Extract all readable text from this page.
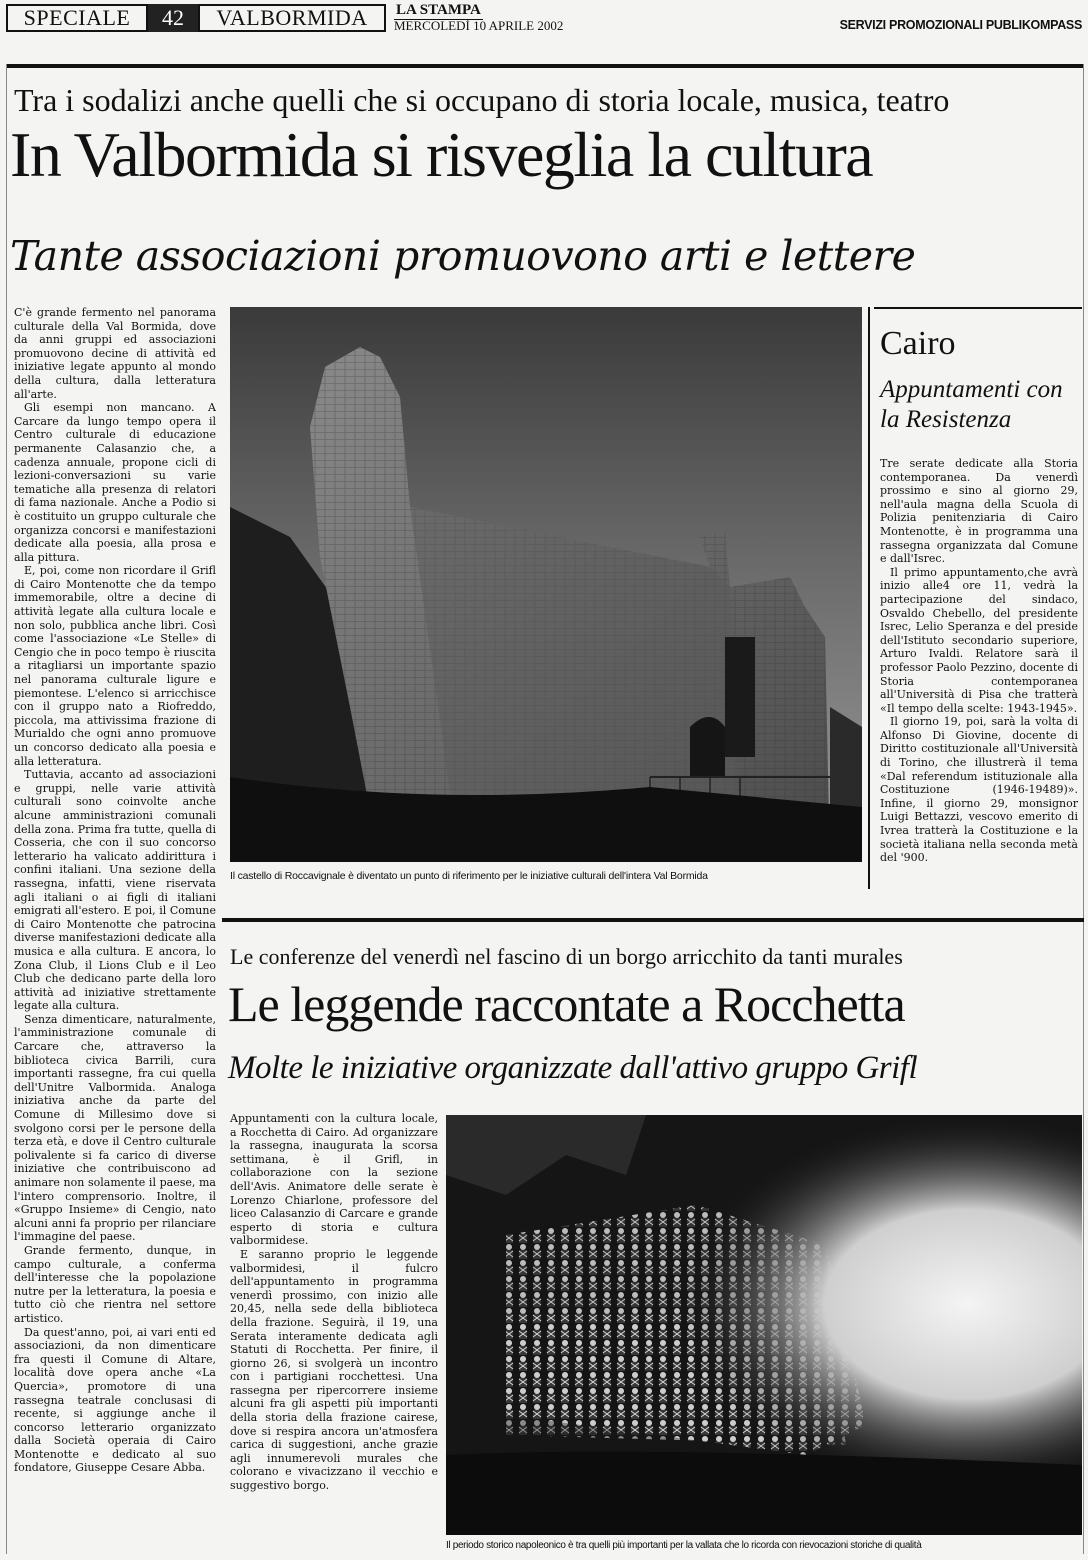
SPECIALE	42	VALBORMIDA	LA STAMPA
MERCOLEDÌ 10 APRILE 2002	SERVIZI PROMOZIONALI PUBLIKOMPASS
Tra i sodalizi anche quelli che si occupano di storia locale, musica, teatro
In Valbormida si risveglia la cultura
Tante associazioni promuovono arti e lettere

C'è grande fermento nel panorama culturale della Val Bormida, dove da anni gruppi ed associazioni promuovono decine di attività ed iniziative legate appunto al mondo della cultura, dalla letteratura all'arte.

Gli esempi non mancano. A Carcare da lungo tempo opera il Centro culturale di educazione permanente Calasanzio che, a cadenza annuale, propone cicli di lezioni-conversazioni su varie tematiche alla presenza di relatori di fama nazionale. Anche a Podio si è costituito un gruppo culturale che organizza concorsi e manifestazioni dedicate alla poesia, alla prosa e alla pittura.

E, poi, come non ricordare il Grifl di Cairo Montenotte che da tempo immemorabile, oltre a decine di attività legate alla cultura locale e non solo, pubblica anche libri. Così come l'associazione «Le Stelle» di Cengio che in poco tempo è riuscita a ritagliarsi un importante spazio nel panorama culturale ligure e piemontese. L'elenco si arricchisce con il gruppo nato a Riofreddo, piccola, ma attivissima frazione di Murialdo che ogni anno promuove un concorso dedicato alla poesia e alla letteratura.

Tuttavia, accanto ad associazioni e gruppi, nelle varie attività culturali sono coinvolte anche alcune amministrazioni comunali della zona. Prima fra tutte, quella di Cosseria, che con il suo concorso letterario ha valicato addirittura i confini italiani. Una sezione della rassegna, infatti, viene riservata agli italiani o ai figli di italiani emigrati all'estero. E poi, il Comune di Cairo Montenotte che patrocina diverse manifestazioni dedicate alla musica e alla cultura. E ancora, lo Zona Club, il Lions Club e il Leo Club che dedicano parte della loro attività ad iniziative strettamente legate alla cultura.

Senza dimenticare, naturalmente, l'amministrazione comunale di Carcare che, attraverso la biblioteca civica Barrili, cura importanti rassegne, fra cui quella dell'Unitre Valbormida. Analoga iniziativa anche da parte del Comune di Millesimo dove si svolgono corsi per le persone della terza età, e dove il Centro culturale polivalente si fa carico di diverse iniziative che contribuiscono ad animare non solamente il paese, ma l'intero comprensorio. Inoltre, il «Gruppo Insieme» di Cengio, nato alcuni anni fa proprio per rilanciare l'immagine del paese.

Grande fermento, dunque, in campo culturale, a conferma dell'interesse che la popolazione nutre per la letteratura, la poesia e tutto ciò che rientra nel settore artistico.

Da quest'anno, poi, ai vari enti ed associazioni, da non dimenticare fra questi il Comune di Altare, località dove opera anche «La Quercia», promotore di una rassegna teatrale conclusasi di recente, si aggiunge anche il concorso letterario organizzato dalla Società operaia di Cairo Montenotte e dedicato al suo fondatore, Giuseppe Cesare Abba.

Il castello di Roccavignale è diventato un punto di riferimento per le iniziative culturali dell'intera Val Bormida
Cairo
Appuntamenti con la Resistenza

Tre serate dedicate alla Storia contemporanea. Da venerdì prossimo e sino al giorno 29, nell'aula magna della Scuola di Polizia penitenziaria di Cairo Montenotte, è in programma una rassegna organizzata dal Comune e dall'Isrec.

Il primo appuntamento,che avrà inizio alle4 ore 11, vedrà la partecipazione del sindaco, Osvaldo Chebello, del presidente Isrec, Lelio Speranza e del preside dell'Istituto secondario superiore, Arturo Ivaldi. Relatore sarà il professor Paolo Pezzino, docente di Storia contemporanea all'Università di Pisa che tratterà «Il tempo della scelte: 1943-1945».

Il giorno 19, poi, sarà la volta di Alfonso Di Giovine, docente di Diritto costituzionale all'Università di Torino, che illustrerà il tema «Dal referendum istituzionale alla Costituzione (1946-19489)». Infine, il giorno 29, monsignor Luigi Bettazzi, vescovo emerito di Ivrea tratterà la Costituzione e la società italiana nella seconda metà del '900.

Le conferenze del venerdì nel fascino di un borgo arricchito da tanti murales
Le leggende raccontate a Rocchetta
Molte le iniziative organizzate dall'attivo gruppo Grifl

Appuntamenti con la cultura locale, a Rocchetta di Cairo. Ad organizzare la rassegna, inaugurata la scorsa settimana, è il Grifl, in collaborazione con la sezione dell'Avis. Animatore delle serate è Lorenzo Chiarlone, professore del liceo Calasanzio di Carcare e grande esperto di storia e cultura valbormidese.

E saranno proprio le leggende valbormidesi, il fulcro dell'appuntamento in programma venerdì prossimo, con inizio alle 20,45, nella sede della biblioteca della frazione. Seguirà, il 19, una Serata interamente dedicata agli Statuti di Rocchetta. Per finire, il giorno 26, si svolgerà un incontro con i partigiani rocchettesi. Una rassegna per ripercorrere insieme alcuni fra gli aspetti più importanti della storia della frazione cairese, dove si respira ancora un'atmosfera carica di suggestioni, anche grazie agli innumerevoli murales che colorano e vivacizzano il vecchio e suggestivo borgo.

Il periodo storico napoleonico è tra quelli più importanti per la vallata che lo ricorda con rievocazioni storiche di qualità
